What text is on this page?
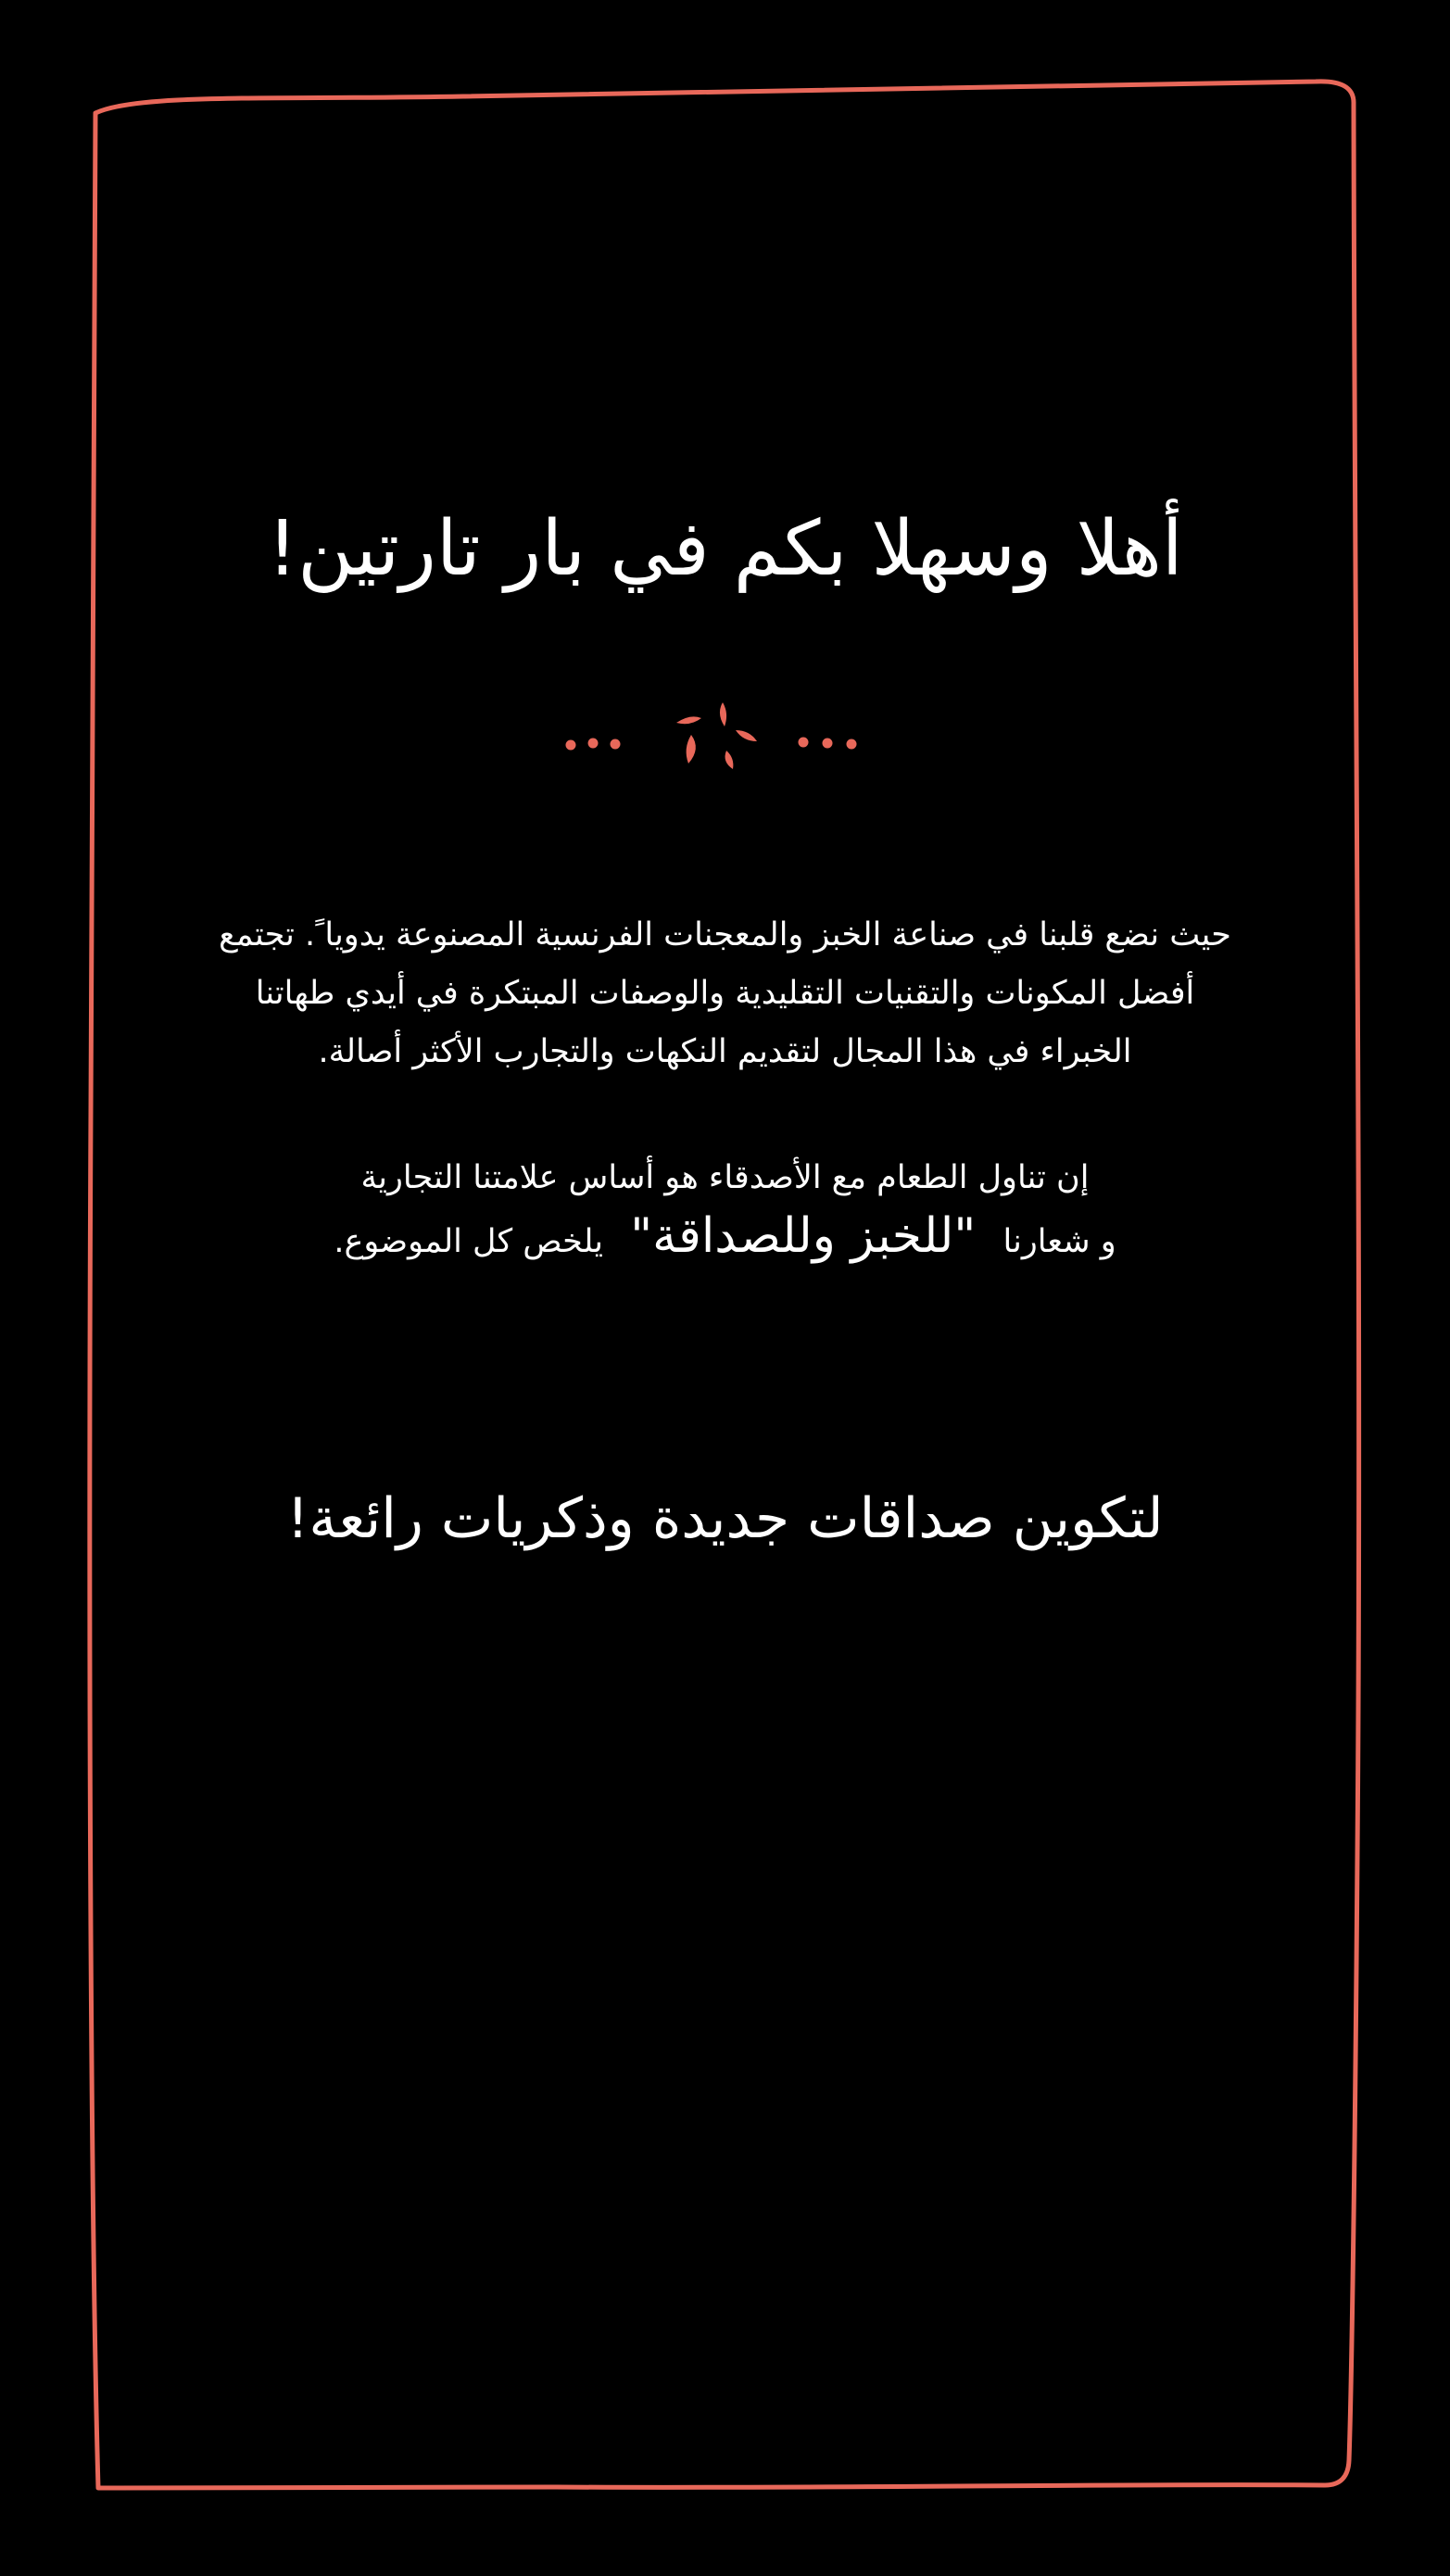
أهلا وسهلا بكم في بار تارتين!

حيث نضع قلبنا في صناعة الخبز والمعجنات الفرنسية المصنوعة يدويا ً. تجتمع

أفضل المكونات والتقنيات التقليدية والوصفات المبتكرة في أيدي طهاتنا

الخبراء في هذا المجال لتقديم النكهات والتجارب الأكثر أصالة.

إن تناول الطعام مع الأصدقاء هو أساس علامتنا التجارية

و شعارنا "للخبز وللصداقة" يلخص كل الموضوع.

لتكوين صداقات جديدة وذكريات رائعة!
